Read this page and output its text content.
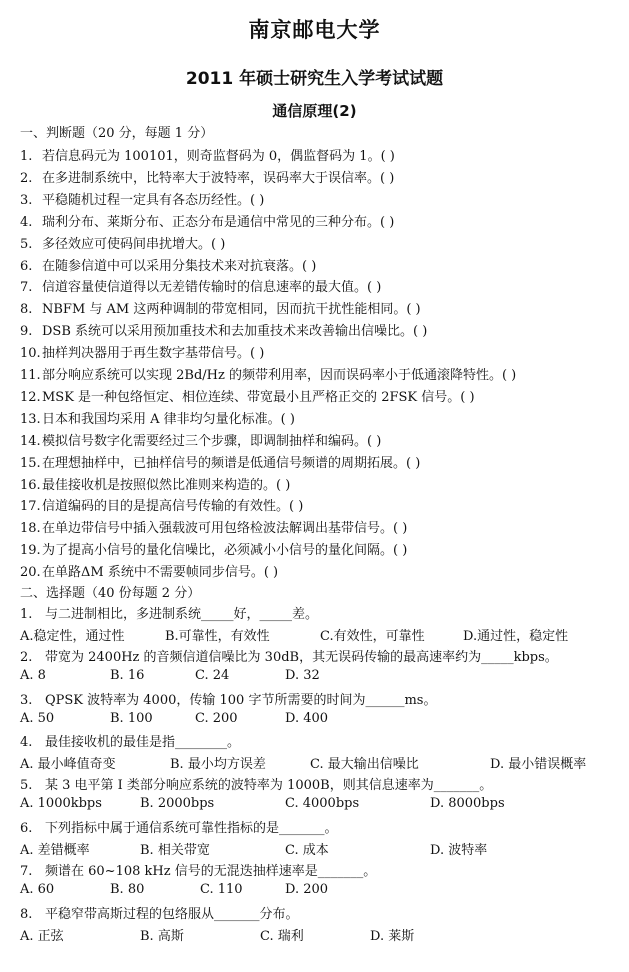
南京邮电大学
2011 年硕士研究生入学考试试题
通信原理(2)
一、判断题（20 分，每题 1 分）
1. 若信息码元为 100101，则奇监督码为 0，偶监督码为 1。( )
2. 在多进制系统中，比特率大于波特率，误码率大于误信率。( )
3. 平稳随机过程一定具有各态历经性。( )
4. 瑞利分布、莱斯分布、正态分布是通信中常见的三种分布。( )
5. 多径效应可使码间串扰增大。( )
6. 在随参信道中可以采用分集技术来对抗衰落。( )
7. 信道容量使信道得以无差错传输时的信息速率的最大值。( )
8. NBFM 与 AM 这两种调制的带宽相同，因而抗干扰性能相同。( )
9. DSB 系统可以采用预加重技术和去加重技术来改善输出信噪比。( )
10.抽样判决器用于再生数字基带信号。( )
11.部分响应系统可以实现 2Bd/Hz 的频带利用率，因而误码率小于低通滚降特性。( )
12.MSK 是一种包络恒定、相位连续、带宽最小且严格正交的 2FSK 信号。( )
13.日本和我国均采用 A 律非均匀量化标准。( )
14.模拟信号数字化需要经过三个步骤，即调制抽样和编码。( )
15.在理想抽样中，已抽样信号的频谱是低通信号频谱的周期拓展。( )
16.最佳接收机是按照似然比准则来构造的。( )
17.信道编码的目的是提高信号传输的有效性。( )
18.在单边带信号中插入强载波可用包络检波法解调出基带信号。( )
19.为了提高小信号的量化信噪比，必须减小小信号的量化间隔。( )
20.在单路ΔM 系统中不需要帧同步信号。( )
二、选择题（40 份每题 2 分）
1. 与二进制相比，多进制系统_____好，_____差。
A.稳定性，通过性	B.可靠性，有效性	C.有效性，可靠性	D.通过性，稳定性
2. 带宽为 2400Hz 的音频信道信噪比为 30dB，其无误码传输的最高速率约为_____kbps。
A. 8	B. 16	C. 24	D. 32
3. QPSK 波特率为 4000，传输 100 字节所需要的时间为______ms。
A. 50	B. 100	C. 200	D. 400
4. 最佳接收机的最佳是指________。
A. 最小峰值奇变	B. 最小均方误差	C. 最大输出信噪比	D. 最小错误概率
5. 某 3 电平第 I 类部分响应系统的波特率为 1000B，则其信息速率为_______。
A. 1000kbps	B. 2000bps	C. 4000bps	D. 8000bps
6. 下列指标中属于通信系统可靠性指标的是_______。
A. 差错概率	B. 相关带宽	C. 成本	D. 波特率
7. 频谱在 60~108 kHz 信号的无混迭抽样速率是_______。
A. 60	B. 80	C. 110	D. 200
8. 平稳窄带高斯过程的包络服从_______分布。
A. 正弦	B. 高斯	C. 瑞利	D. 莱斯
